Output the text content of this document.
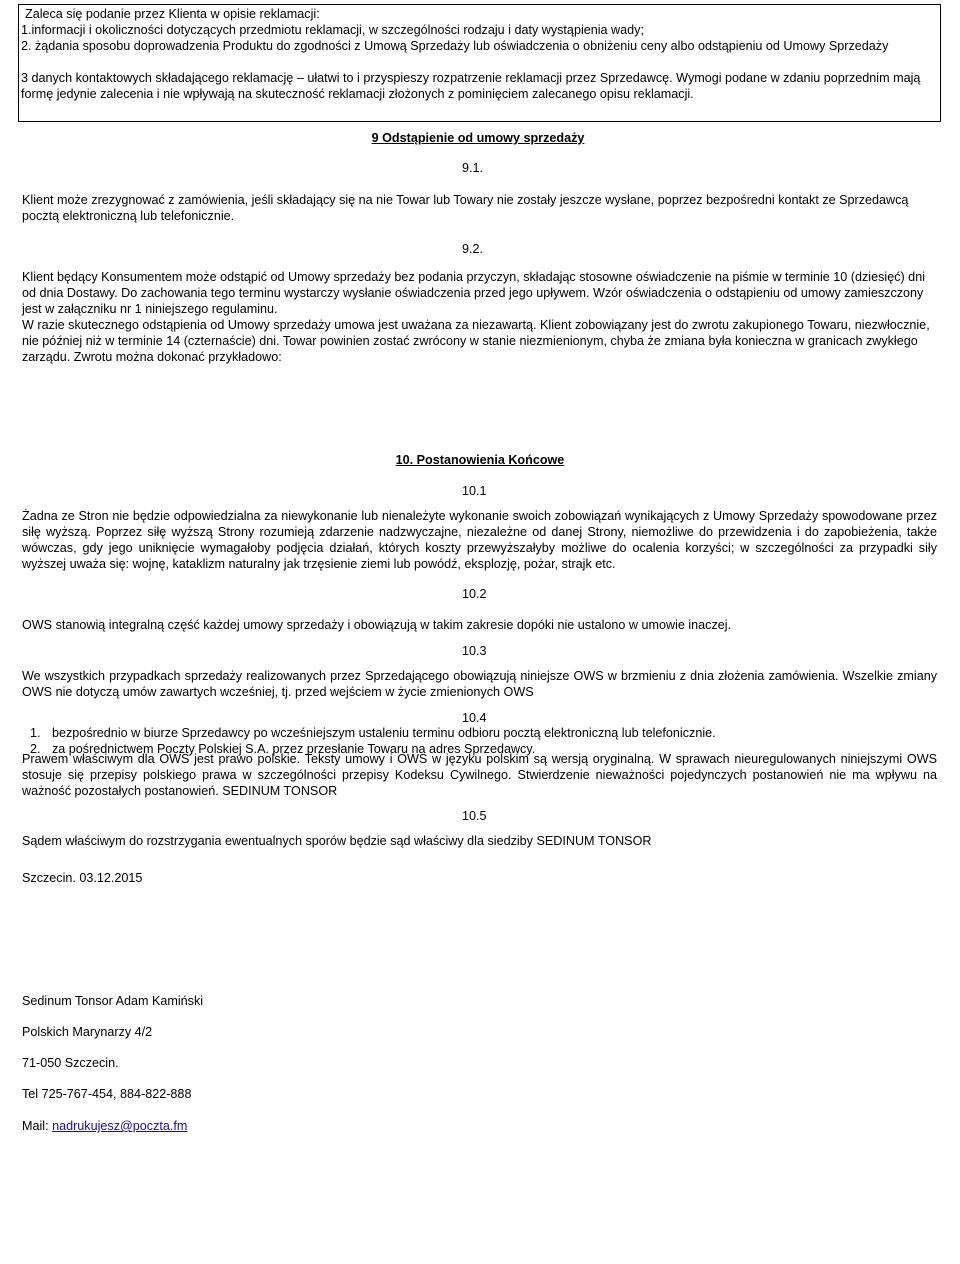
Zaleca się podanie przez Klienta w opisie reklamacji:

1.informacji i okoliczności dotyczących przedmiotu reklamacji, w szczególności rodzaju i daty wystąpienia wady;

2. żądania sposobu doprowadzenia Produktu do zgodności z Umową Sprzedaży lub oświadczenia o obniżeniu ceny albo odstąpieniu od Umowy Sprzedaży

3 danych kontaktowych składającego reklamację – ułatwi to i przyspieszy rozpatrzenie reklamacji przez Sprzedawcę. Wymogi podane w zdaniu poprzednim mają formę jedynie zalecenia i nie wpływają na skuteczność reklamacji złożonych z pominięciem zalecanego opisu reklamacji.

9 Odstąpienie od umowy sprzedaży
9.1.

Klient może zrezygnować z zamówienia, jeśli składający się na nie Towar lub Towary nie zostały jeszcze wysłane, poprzez bezpośredni kontakt ze Sprzedawcą pocztą elektroniczną lub telefonicznie.

9.2.

Klient będący Konsumentem może odstąpić od Umowy sprzedaży bez podania przyczyn, składając stosowne oświadczenie na piśmie w terminie 10 (dziesięć) dni od dnia Dostawy. Do zachowania tego terminu wystarczy wysłanie oświadczenia przed jego upływem. Wzór oświadczenia o odstąpieniu od umowy zamieszczony jest w załączniku nr 1 niniejszego regulaminu.

W razie skutecznego odstąpienia od Umowy sprzedaży umowa jest uważana za niezawartą. Klient zobowiązany jest do zwrotu zakupionego Towaru, niezwłocznie, nie później niż w terminie 14 (czternaście) dni. Towar powinien zostać zwrócony w stanie niezmienionym, chyba że zmiana była konieczna w granicach zwykłego zarządu. Zwrotu można dokonać przykładowo:

1. bezpośrednio w biurze Sprzedawcy po wcześniejszym ustaleniu terminu odbioru pocztą elektroniczną lub telefonicznie.
2. za pośrednictwem Poczty Polskiej S.A. przez przesłanie Towaru na adres Sprzedawcy.
10. Postanowienia Końcowe
10.1

Żadna ze Stron nie będzie odpowiedzialna za niewykonanie lub nienależyte wykonanie swoich zobowiązań wynikających z Umowy Sprzedaży spowodowane przez siłę wyższą. Poprzez siłę wyższą Strony rozumieją zdarzenie nadzwyczajne, niezależne od danej Strony, niemożliwe do przewidzenia i do zapobieżenia, także wówczas, gdy jego uniknięcie wymagałoby podjęcia działań, których koszty przewyższałyby możliwe do ocalenia korzyści; w szczególności za przypadki siły wyższej uważa się: wojnę, kataklizm naturalny jak trzęsienie ziemi lub powódź, eksplozję, pożar, strajk etc.

10.2

OWS stanowią integralną część każdej umowy sprzedaży i obowiązują w takim zakresie dopóki nie ustalono w umowie inaczej.

10.3

We wszystkich przypadkach sprzedaży realizowanych przez Sprzedającego obowiązują niniejsze OWS w brzmieniu z dnia złożenia zamówienia. Wszelkie zmiany OWS nie dotyczą umów zawartych wcześniej, tj. przed wejściem w życie zmienionych OWS

10.4

Prawem właściwym dla OWS jest prawo polskie. Teksty umowy i OWS w języku polskim są wersją oryginalną. W sprawach nieuregulowanych niniejszymi OWS stosuje się przepisy polskiego prawa w szczególności przepisy Kodeksu Cywilnego. Stwierdzenie nieważności pojedynczych postanowień nie ma wpływu na ważność pozostałych postanowień. SEDINUM TONSOR

10.5

Sądem właściwym do rozstrzygania ewentualnych sporów będzie sąd właściwy dla siedziby SEDINUM TONSOR

Szczecin. 03.12.2015

Sedinum Tonsor Adam Kamiński

Polskich Marynarzy 4/2

71-050 Szczecin.

Tel 725-767-454, 884-822-888

Mail: nadrukujesz@poczta.fm
